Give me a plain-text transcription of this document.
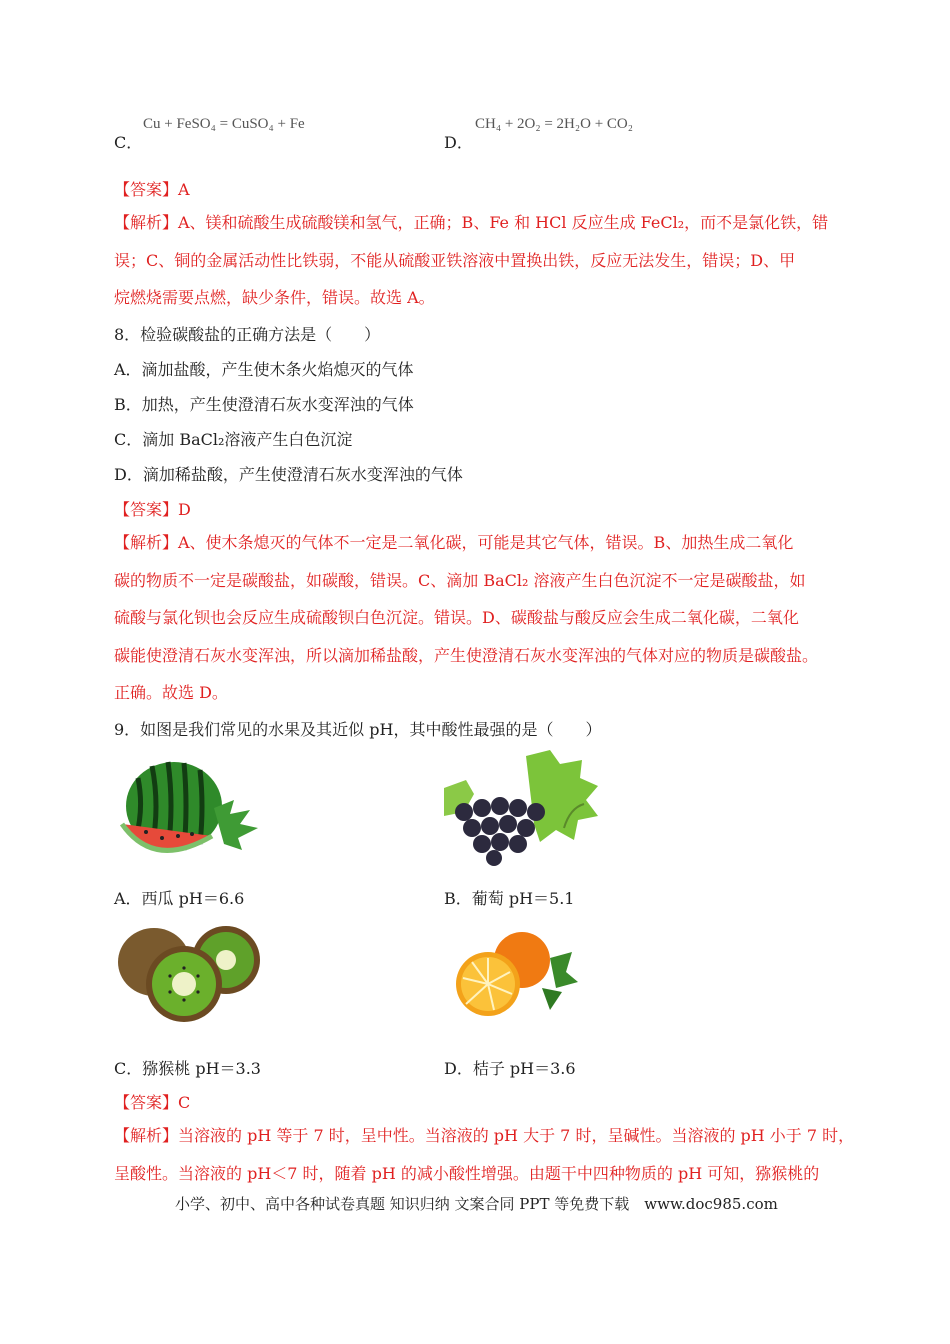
C．
Cu + FeSO₄ = CuSO₄ + Fe
D．
CH₄ + 2O₂ = 2H₂O + CO₂
【答案】A
【解析】A、镁和硫酸生成硫酸镁和氢气，正确；B、Fe 和 HCl 反应生成 FeCl₂，而不是氯化铁，错
误；C、铜的金属活动性比铁弱，不能从硫酸亚铁溶液中置换出铁，反应无法发生，错误；D、甲
烷燃烧需要点燃，缺少条件，错误。故选 A。
8．检验碳酸盐的正确方法是（　　）
A．滴加盐酸，产生使木条火焰熄灭的气体
B．加热，产生使澄清石灰水变浑浊的气体
C．滴加 BaCl₂溶液产生白色沉淀
D．滴加稀盐酸，产生使澄清石灰水变浑浊的气体
【答案】D
【解析】A、使木条熄灭的气体不一定是二氧化碳，可能是其它气体，错误。B、加热生成二氧化
碳的物质不一定是碳酸盐，如碳酸，错误。C、滴加 BaCl₂ 溶液产生白色沉淀不一定是碳酸盐，如
硫酸与氯化钡也会反应生成硫酸钡白色沉淀。错误。D、碳酸盐与酸反应会生成二氧化碳，二氧化
碳能使澄清石灰水变浑浊，所以滴加稀盐酸，产生使澄清石灰水变浑浊的气体对应的物质是碳酸盐。
正确。故选 D。
9．如图是我们常见的水果及其近似 pH，其中酸性最强的是（　　）
A．西瓜 pH＝6.6	B．葡萄 pH＝5.1
C．猕猴桃 pH＝3.3	D．桔子 pH＝3.6
【答案】C
【解析】当溶液的 pH 等于 7 时，呈中性。当溶液的 pH 大于 7 时，呈碱性。当溶液的 pH 小于 7 时，
呈酸性。当溶液的 pH＜7 时，随着 pH 的减小酸性增强。由题干中四种物质的 pH 可知，猕猴桃的
小学、初中、高中各种试卷真题 知识归纳 文案合同 PPT 等免费下载　www.doc985.com
